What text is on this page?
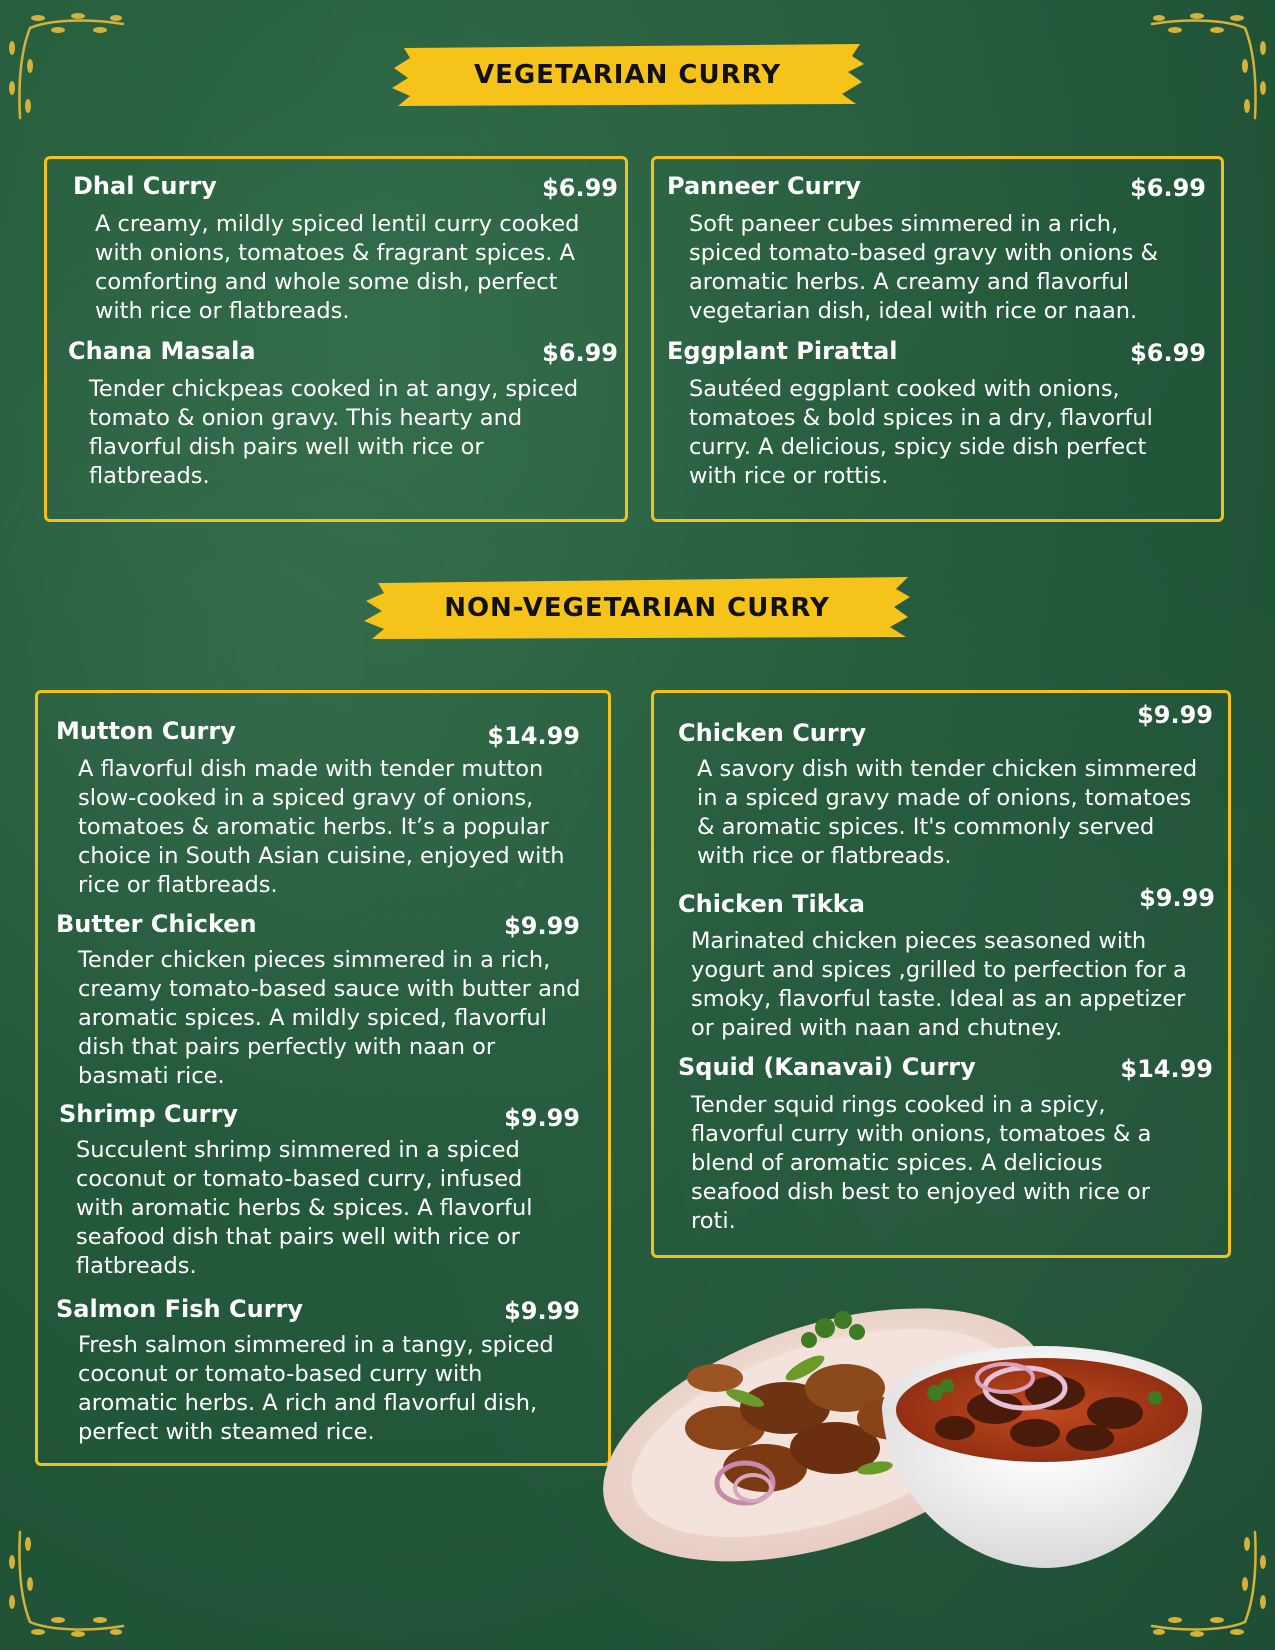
VEGETARIAN CURRY
Dhal Curry	$6.99

A creamy, mildly spiced lentil curry cooked with onions, tomatoes & fragrant spices. A comforting and whole some dish, perfect with rice or flatbreads.

Chana Masala	$6.99

Tender chickpeas cooked in at angy, spiced tomato & onion gravy. This hearty and flavorful dish pairs well with rice or flatbreads.

Panneer Curry	$6.99

Soft paneer cubes simmered in a rich, spiced tomato-based gravy with onions & aromatic herbs. A creamy and flavorful vegetarian dish, ideal with rice or naan.

Eggplant Pirattal	$6.99

Sautéed eggplant cooked with onions, tomatoes & bold spices in a dry, flavorful curry. A delicious, spicy side dish perfect with rice or rottis.

NON-VEGETARIAN CURRY
Mutton Curry	$14.99

A flavorful dish made with tender mutton slow-cooked in a spiced gravy of onions, tomatoes & aromatic herbs. It’s a popular choice in South Asian cuisine, enjoyed with rice or flatbreads.

Butter Chicken	$9.99

Tender chicken pieces simmered in a rich, creamy tomato-based sauce with butter and aromatic spices. A mildly spiced, flavorful dish that pairs perfectly with naan or basmati rice.

Shrimp Curry	$9.99

Succulent shrimp simmered in a spiced coconut or tomato-based curry, infused with aromatic herbs & spices. A flavorful seafood dish that pairs well with rice or flatbreads.

Salmon Fish Curry	$9.99

Fresh salmon simmered in a tangy, spiced coconut or tomato-based curry with aromatic herbs. A rich and flavorful dish, perfect with steamed rice.

Chicken Curry
$9.99

A savory dish with tender chicken simmered in a spiced gravy made of onions, tomatoes & aromatic spices. It's commonly served with rice or flatbreads.

Chicken Tikka	$9.99

Marinated chicken pieces seasoned with yogurt and spices ,grilled to perfection for a smoky, flavorful taste. Ideal as an appetizer or paired with naan and chutney.

Squid (Kanavai) Curry	$14.99

Tender squid rings cooked in a spicy, flavorful curry with onions, tomatoes & a blend of aromatic spices. A delicious seafood dish best to enjoyed with rice or roti.
